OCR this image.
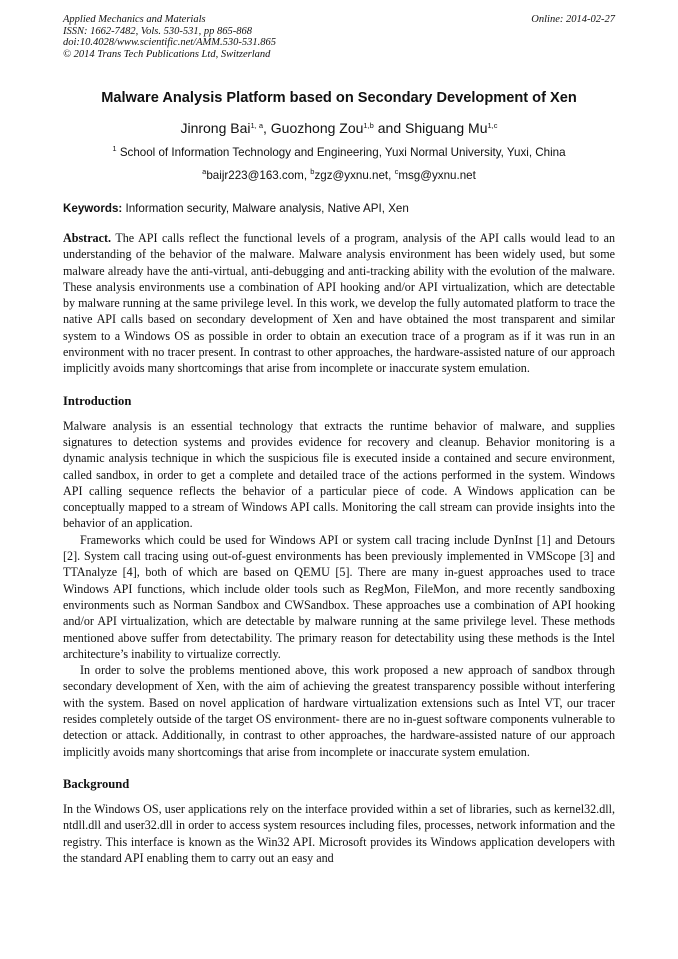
Applied Mechanics and Materials
ISSN: 1662-7482, Vols. 530-531, pp 865-868
doi:10.4028/www.scientific.net/AMM.530-531.865
© 2014 Trans Tech Publications Ltd, Switzerland
Online: 2014-02-27
Malware Analysis Platform based on Secondary Development of Xen
Jinrong Bai$^{1, a}$, Guozhong Zou$^{1,b}$ and Shiguang Mu$^{1,c}$
$^1$ School of Information Technology and Engineering, Yuxi Normal University, Yuxi, China
$^a$baijr223@163.com, $^b$zgz@yxnu.net, $^c$msg@yxnu.net
Keywords: Information security, Malware analysis, Native API, Xen
Abstract. The API calls reflect the functional levels of a program, analysis of the API calls would lead to an understanding of the behavior of the malware. Malware analysis environment has been widely used, but some malware already have the anti-virtual, anti-debugging and anti-tracking ability with the evolution of the malware. These analysis environments use a combination of API hooking and/or API virtualization, which are detectable by malware running at the same privilege level. In this work, we develop the fully automated platform to trace the native API calls based on secondary development of Xen and have obtained the most transparent and similar system to a Windows OS as possible in order to obtain an execution trace of a program as if it was run in an environment with no tracer present. In contrast to other approaches, the hardware-assisted nature of our approach implicitly avoids many shortcomings that arise from incomplete or inaccurate system emulation.
Introduction

Malware analysis is an essential technology that extracts the runtime behavior of malware, and supplies signatures to detection systems and provides evidence for recovery and cleanup. Behavior monitoring is a dynamic analysis technique in which the suspicious file is executed inside a contained and secure environment, called sandbox, in order to get a complete and detailed trace of the actions performed in the system. Windows API calling sequence reflects the behavior of a particular piece of code. A Windows application can be conceptually mapped to a stream of Windows API calls. Monitoring the call stream can provide insights into the behavior of an application.

Frameworks which could be used for Windows API or system call tracing include DynInst [1] and Detours [2]. System call tracing using out-of-guest environments has been previously implemented in VMScope [3] and TTAnalyze [4], both of which are based on QEMU [5]. There are many in-guest approaches used to trace Windows API functions, which include older tools such as RegMon, FileMon, and more recently sandboxing environments such as Norman Sandbox and CWSandbox. These approaches use a combination of API hooking and/or API virtualization, which are detectable by malware running at the same privilege level. These methods mentioned above suffer from detectability. The primary reason for detectability using these methods is the Intel architecture’s inability to virtualize correctly.

In order to solve the problems mentioned above, this work proposed a new approach of sandbox through secondary development of Xen, with the aim of achieving the greatest transparency possible without interfering with the system. Based on novel application of hardware virtualization extensions such as Intel VT, our tracer resides completely outside of the target OS environment- there are no in-guest software components vulnerable to detection or attack. Additionally, in contrast to other approaches, the hardware-assisted nature of our approach implicitly avoids many shortcomings that arise from incomplete or inaccurate system emulation.

Background

In the Windows OS, user applications rely on the interface provided within a set of libraries, such as kernel32.dll, ntdll.dll and user32.dll in order to access system resources including files, processes, network information and the registry. This interface is known as the Win32 API. Microsoft provides its Windows application developers with the standard API enabling them to carry out an easy and
